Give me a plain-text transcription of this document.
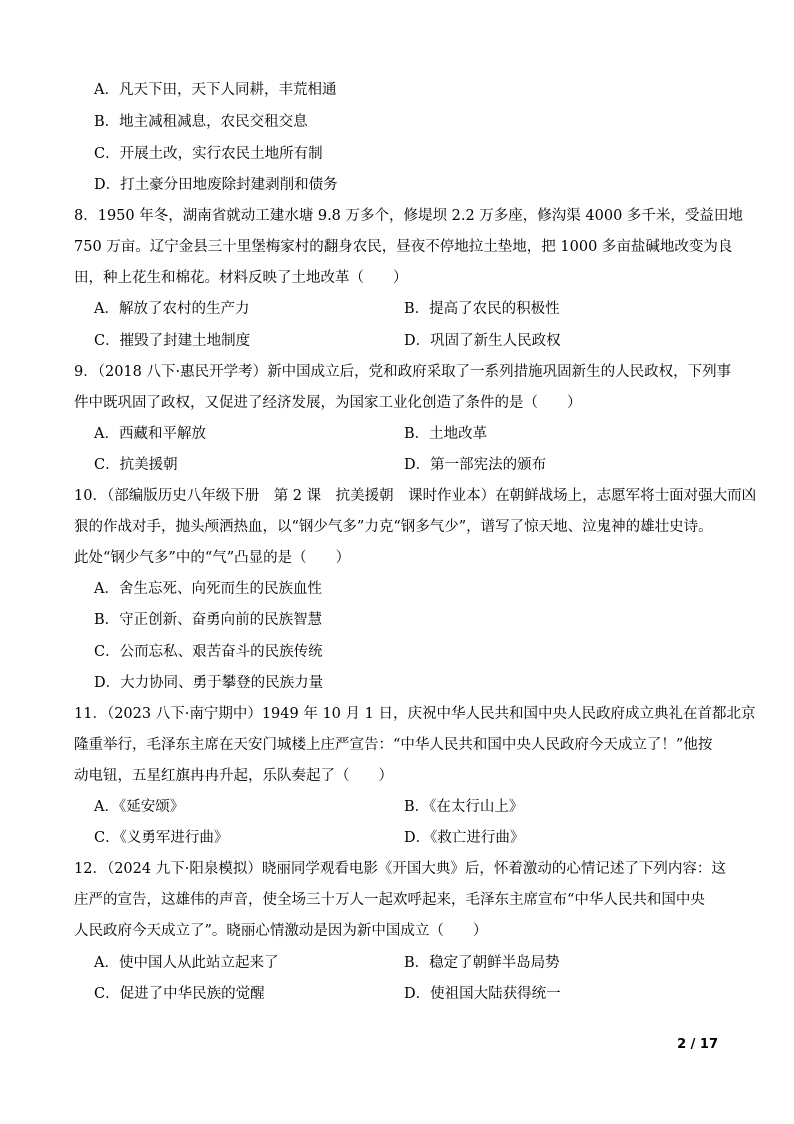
A．凡天下田，天下人同耕，丰荒相通
B．地主减租减息，农民交租交息
C．开展土改，实行农民土地所有制
D．打土豪分田地废除封建剥削和债务
8．1950 年冬，湖南省就动工建水塘 9.8 万多个，修堤坝 2.2 万多座，修沟渠 4000 多千米，受益田地
750 万亩。辽宁金县三十里堡梅家村的翻身农民，昼夜不停地拉土垫地，把 1000 多亩盐碱地改变为良
田，种上花生和棉花。材料反映了土地改革（　　）
A．解放了农村的生产力	B．提高了农民的积极性
C．摧毁了封建土地制度	D．巩固了新生人民政权
9．（2018 八下·惠民开学考）新中国成立后，党和政府采取了一系列措施巩固新生的人民政权，下列事
件中既巩固了政权，又促进了经济发展，为国家工业化创造了条件的是（　　）
A．西藏和平解放	B．土地改革
C．抗美援朝	D．第一部宪法的颁布
10．（部编版历史八年级下册　第 2 课　抗美援朝　课时作业本）在朝鲜战场上，志愿军将士面对强大而凶
狠的作战对手，抛头颅洒热血，以“钢少气多”力克“钢多气少”，谱写了惊天地、泣鬼神的雄壮史诗。
此处“钢少气多”中的“气”凸显的是（　　）
A．舍生忘死、向死而生的民族血性
B．守正创新、奋勇向前的民族智慧
C．公而忘私、艰苦奋斗的民族传统
D．大力协同、勇于攀登的民族力量
11．（2023 八下·南宁期中）1949 年 10 月 1 日，庆祝中华人民共和国中央人民政府成立典礼在首都北京
隆重举行，毛泽东主席在天安门城楼上庄严宣告：“中华人民共和国中央人民政府今天成立了！”他按
动电钮，五星红旗冉冉升起，乐队奏起了（　　）
A．《延安颂》	B．《在太行山上》
C．《义勇军进行曲》	D．《救亡进行曲》
12．（2024 九下·阳泉模拟）晓丽同学观看电影《开国大典》后，怀着激动的心情记述了下列内容：这
庄严的宣告，这雄伟的声音，使全场三十万人一起欢呼起来，毛泽东主席宣布“中华人民共和国中央
人民政府今天成立了”。晓丽心情激动是因为新中国成立（　　）
A．使中国人从此站立起来了	B．稳定了朝鲜半岛局势
C．促进了中华民族的觉醒	D．使祖国大陆获得统一
2 / 17
